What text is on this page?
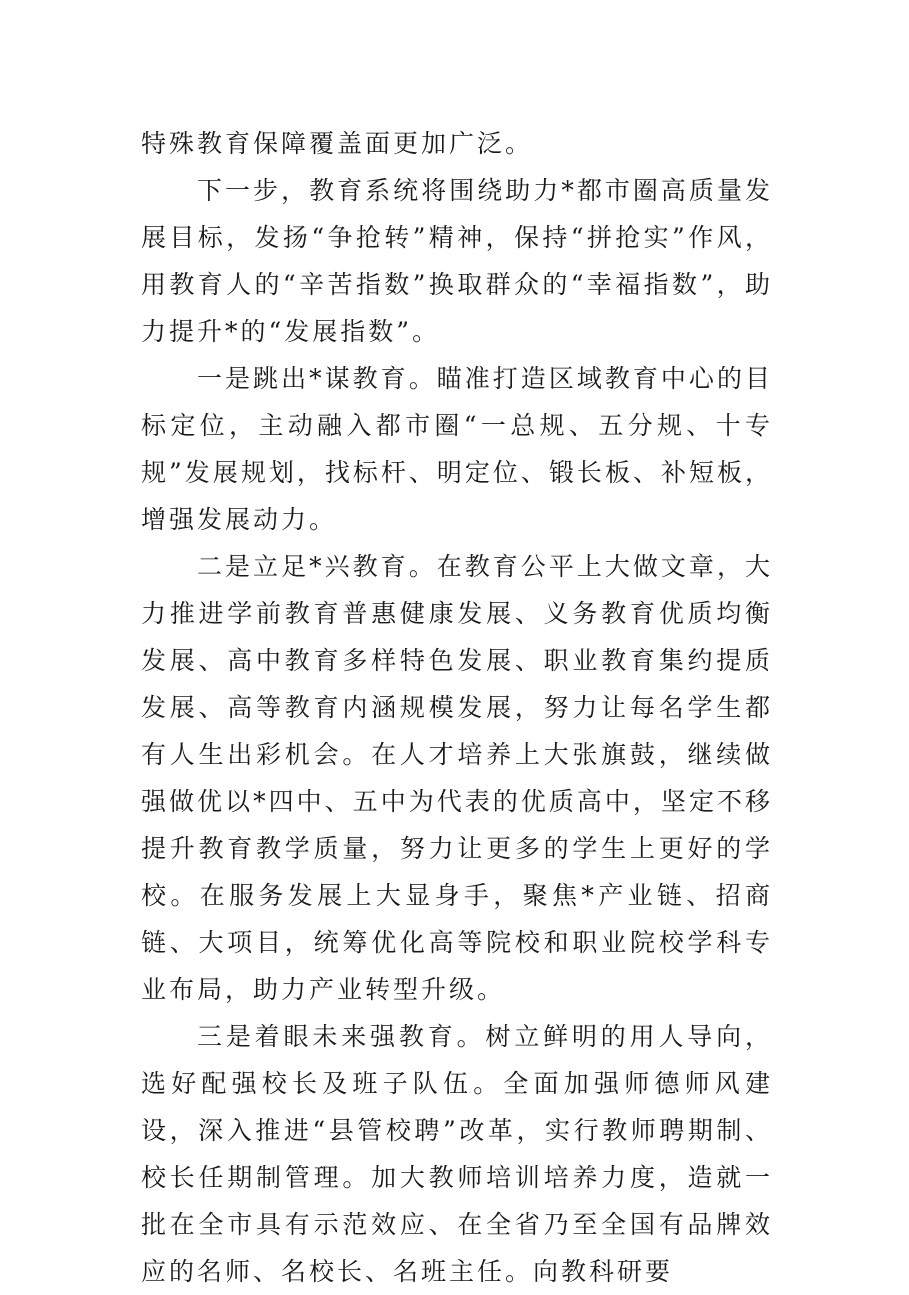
特殊教育保障覆盖面更加广泛。

下一步，教育系统将围绕助力*都市圈高质量发展目标，发扬“争抢转”精神，保持“拼抢实”作风，用教育人的“辛苦指数”换取群众的“幸福指数”，助力提升*的“发展指数”。

一是跳出*谋教育。瞄准打造区域教育中心的目标定位，主动融入都市圈“一总规、五分规、十专规”发展规划，找标杆、明定位、锻长板、补短板，增强发展动力。

二是立足*兴教育。在教育公平上大做文章，大力推进学前教育普惠健康发展、义务教育优质均衡发展、高中教育多样特色发展、职业教育集约提质发展、高等教育内涵规模发展，努力让每名学生都有人生出彩机会。在人才培养上大张旗鼓，继续做强做优以*四中、五中为代表的优质高中，坚定不移提升教育教学质量，努力让更多的学生上更好的学校。在服务发展上大显身手，聚焦*产业链、招商链、大项目，统筹优化高等院校和职业院校学科专业布局，助力产业转型升级。

三是着眼未来强教育。树立鲜明的用人导向，选好配强校长及班子队伍。全面加强师德师风建设，深入推进“县管校聘”改革，实行教师聘期制、校长任期制管理。加大教师培训培养力度，造就一批在全市具有示范效应、在全省乃至全国有品牌效应的名师、名校长、名班主任。向教科研要
